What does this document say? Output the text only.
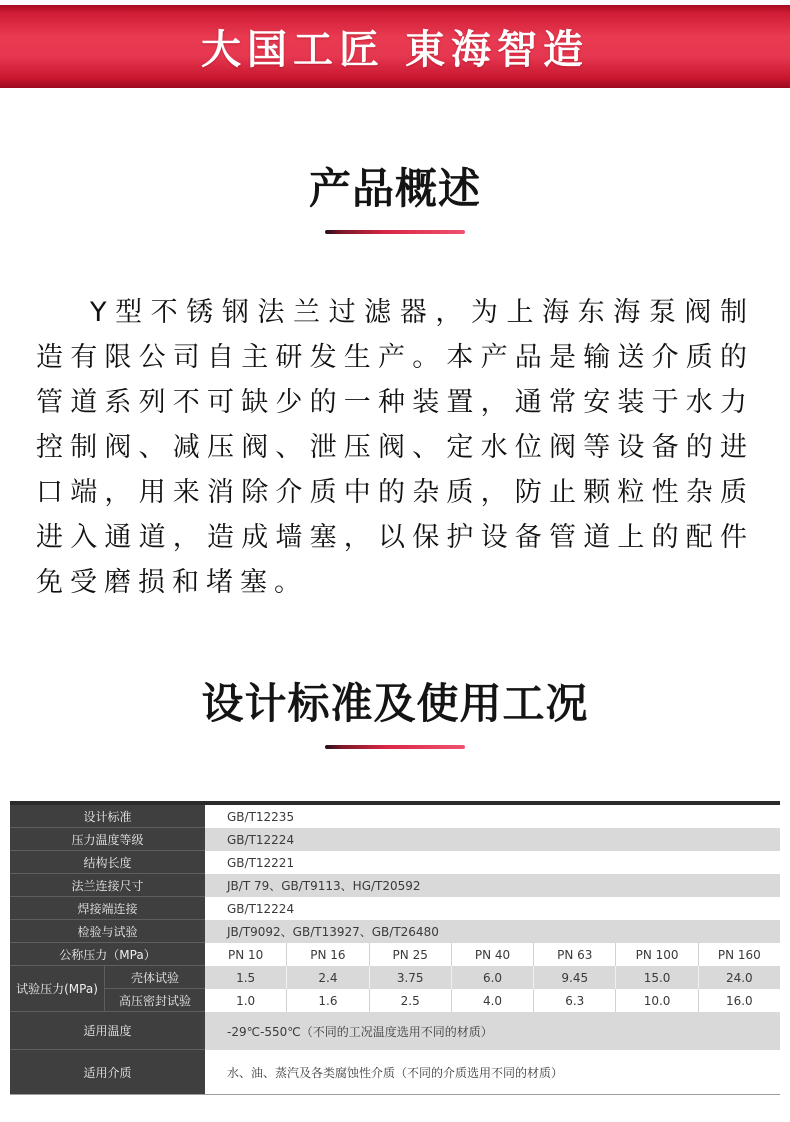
大国工匠 東海智造
产品概述

Y型不锈钢法兰过滤器，为上海东海泵阀制造有限公司自主研发生产。本产品是输送介质的管道系列不可缺少的一种装置，通常安装于水力控制阀、减压阀、泄压阀、定水位阀等设备的进口端，用来消除介质中的杂质，防止颗粒性杂质进入通道，造成墙塞，以保护设备管道上的配件免受磨损和堵塞。

设计标准及使用工况
设计标准	GB/T12235
压力温度等级	GB/T12224
结构长度	GB/T12221
法兰连接尺寸	JB/T 79、GB/T9113、HG/T20592
焊接端连接	GB/T12224
检验与试验	JB/T9092、GB/T13927、GB/T26480
公称压力（MPa）	PN 10	PN 16	PN 25	PN 40	PN 63	PN 100	PN 160
试验压力(MPa)
壳体试验	1.5	2.4	3.75	6.0	9.45	15.0	24.0
高压密封试验	1.0	1.6	2.5	4.0	6.3	10.0	16.0
适用温度	-29℃-550℃（不同的工况温度选用不同的材质）
适用介质	水、油、蒸汽及各类腐蚀性介质（不同的介质选用不同的材质）
